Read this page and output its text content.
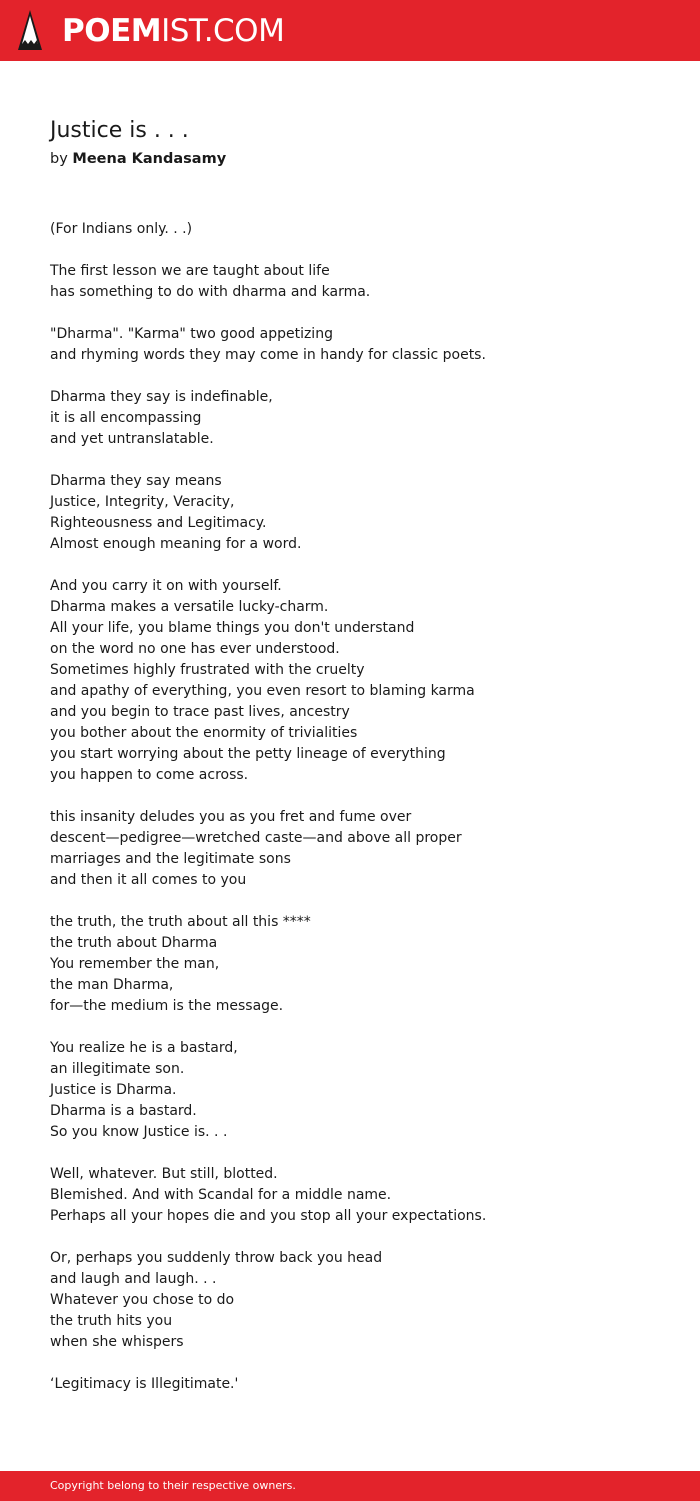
POEMIST.COM
Justice is . . .
by Meena Kandasamy
(For Indians only. . .)
The first lesson we are taught about life
has something to do with dharma and karma.
"Dharma". "Karma" two good appetizing
and rhyming words they may come in handy for classic poets.
Dharma they say is indefinable,
it is all encompassing
and yet untranslatable.
Dharma they say means
Justice, Integrity, Veracity,
Righteousness and Legitimacy.
Almost enough meaning for a word.
And you carry it on with yourself.
Dharma makes a versatile lucky-charm.
All your life, you blame things you don't understand
on the word no one has ever understood.
Sometimes highly frustrated with the cruelty
and apathy of everything, you even resort to blaming karma
and you begin to trace past lives, ancestry
you bother about the enormity of trivialities
you start worrying about the petty lineage of everything
you happen to come across.
this insanity deludes you as you fret and fume over
descent—pedigree—wretched caste—and above all proper
marriages and the legitimate sons
and then it all comes to you
the truth, the truth about all this ****
the truth about Dharma
You remember the man,
the man Dharma,
for—the medium is the message.
You realize he is a bastard,
an illegitimate son.
Justice is Dharma.
Dharma is a bastard.
So you know Justice is. . .
Well, whatever. But still, blotted.
Blemished. And with Scandal for a middle name.
Perhaps all your hopes die and you stop all your expectations.
Or, perhaps you suddenly throw back you head
and laugh and laugh. . .
Whatever you chose to do
the truth hits you
when she whispers
‘Legitimacy is Illegitimate.'
Copyright belong to their respective owners.
